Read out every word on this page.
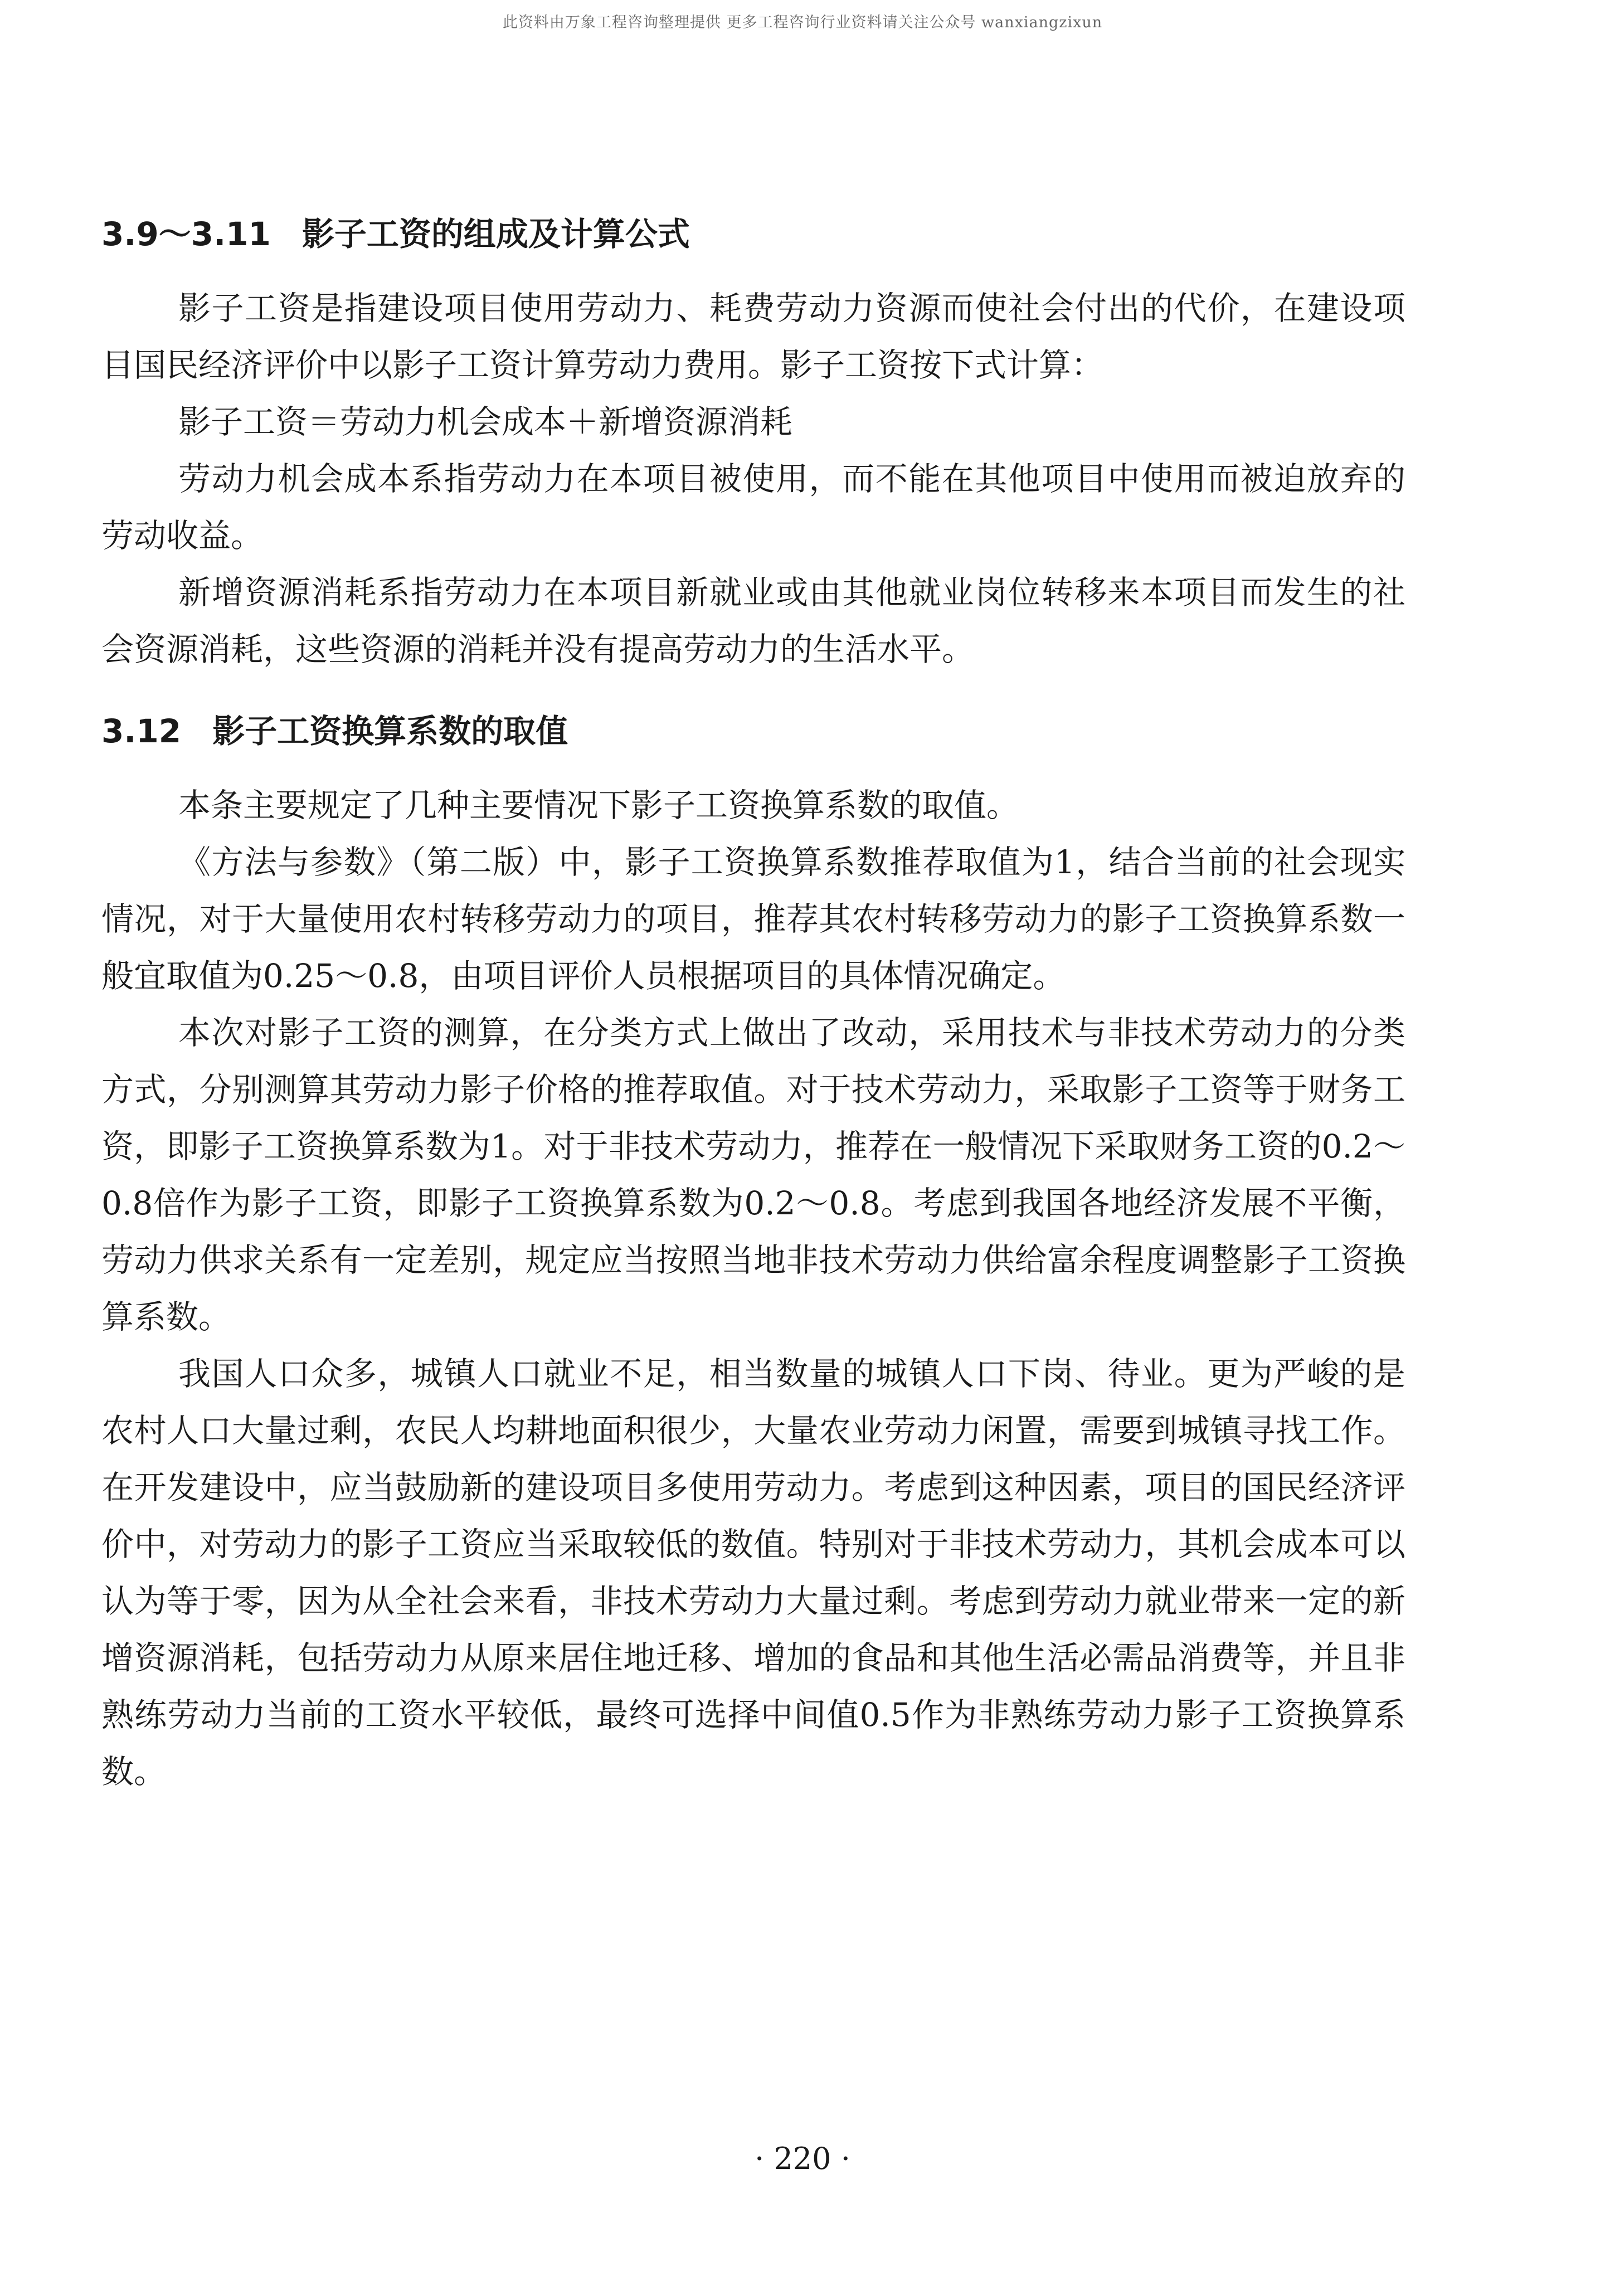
此资料由万象工程咨询整理提供 更多工程咨询行业资料请关注公众号 wanxiangzixun
3.9～3.11 影子工资的组成及计算公式

影子工资是指建设项目使用劳动力、耗费劳动力资源而使社会付出的代价，在建设项目国民经济评价中以影子工资计算劳动力费用。影子工资按下式计算：

影子工资＝劳动力机会成本＋新增资源消耗

劳动力机会成本系指劳动力在本项目被使用，而不能在其他项目中使用而被迫放弃的劳动收益。

新增资源消耗系指劳动力在本项目新就业或由其他就业岗位转移来本项目而发生的社会资源消耗，这些资源的消耗并没有提高劳动力的生活水平。

3.12 影子工资换算系数的取值

本条主要规定了几种主要情况下影子工资换算系数的取值。

《方法与参数》（第二版）中，影子工资换算系数推荐取值为1，结合当前的社会现实情况，对于大量使用农村转移劳动力的项目，推荐其农村转移劳动力的影子工资换算系数一般宜取值为0.25～0.8，由项目评价人员根据项目的具体情况确定。

本次对影子工资的测算，在分类方式上做出了改动，采用技术与非技术劳动力的分类方式，分别测算其劳动力影子价格的推荐取值。对于技术劳动力，采取影子工资等于财务工资，即影子工资换算系数为1。对于非技术劳动力，推荐在一般情况下采取财务工资的0.2～0.8倍作为影子工资，即影子工资换算系数为0.2～0.8。考虑到我国各地经济发展不平衡，劳动力供求关系有一定差别，规定应当按照当地非技术劳动力供给富余程度调整影子工资换算系数。

我国人口众多，城镇人口就业不足，相当数量的城镇人口下岗、待业。更为严峻的是农村人口大量过剩，农民人均耕地面积很少，大量农业劳动力闲置，需要到城镇寻找工作。在开发建设中，应当鼓励新的建设项目多使用劳动力。考虑到这种因素，项目的国民经济评价中，对劳动力的影子工资应当采取较低的数值。特别对于非技术劳动力，其机会成本可以认为等于零，因为从全社会来看，非技术劳动力大量过剩。考虑到劳动力就业带来一定的新增资源消耗，包括劳动力从原来居住地迁移、增加的食品和其他生活必需品消费等，并且非熟练劳动力当前的工资水平较低，最终可选择中间值0.5作为非熟练劳动力影子工资换算系数。

· 220 ·
